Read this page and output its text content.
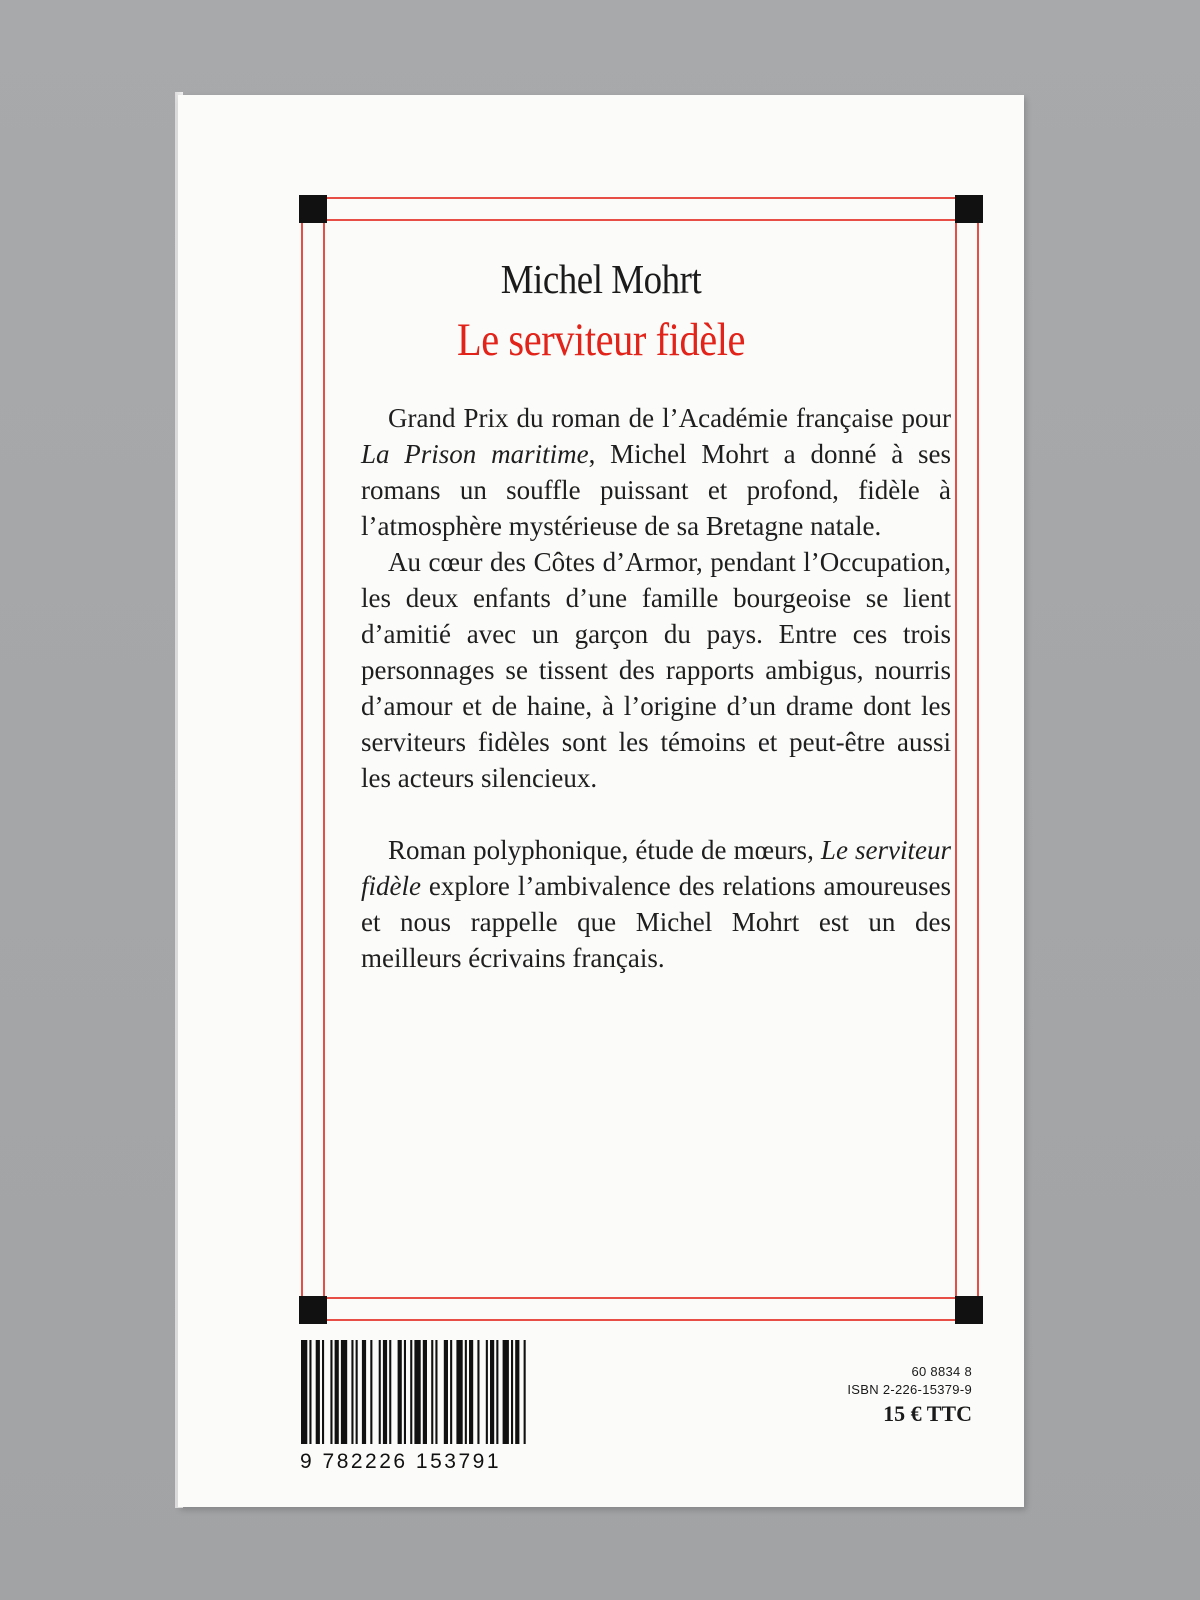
Michel Mohrt
Le serviteur fidèle

Grand Prix du roman de l’Académie française pour La Prison maritime, Michel Mohrt a donné à ses romans un souffle puissant et profond, fidèle à l’atmosphère mystérieuse de sa Bretagne natale.

Au cœur des Côtes d’Armor, pendant l’Occupation, les deux enfants d’une famille bourgeoise se lient d’amitié avec un garçon du pays. Entre ces trois personnages se tissent des rapports ambigus, nourris d’amour et de haine, à l’origine d’un drame dont les serviteurs fidèles sont les témoins et peut-être aussi les acteurs silencieux.

Roman polyphonique, étude de mœurs, Le serviteur fidèle explore l’ambivalence des relations amoureuses et nous rappelle que Michel Mohrt est un des meilleurs écrivains français.

9 782226 153791
60 8834 8
ISBN 2-226-15379-9
15 € TTC
